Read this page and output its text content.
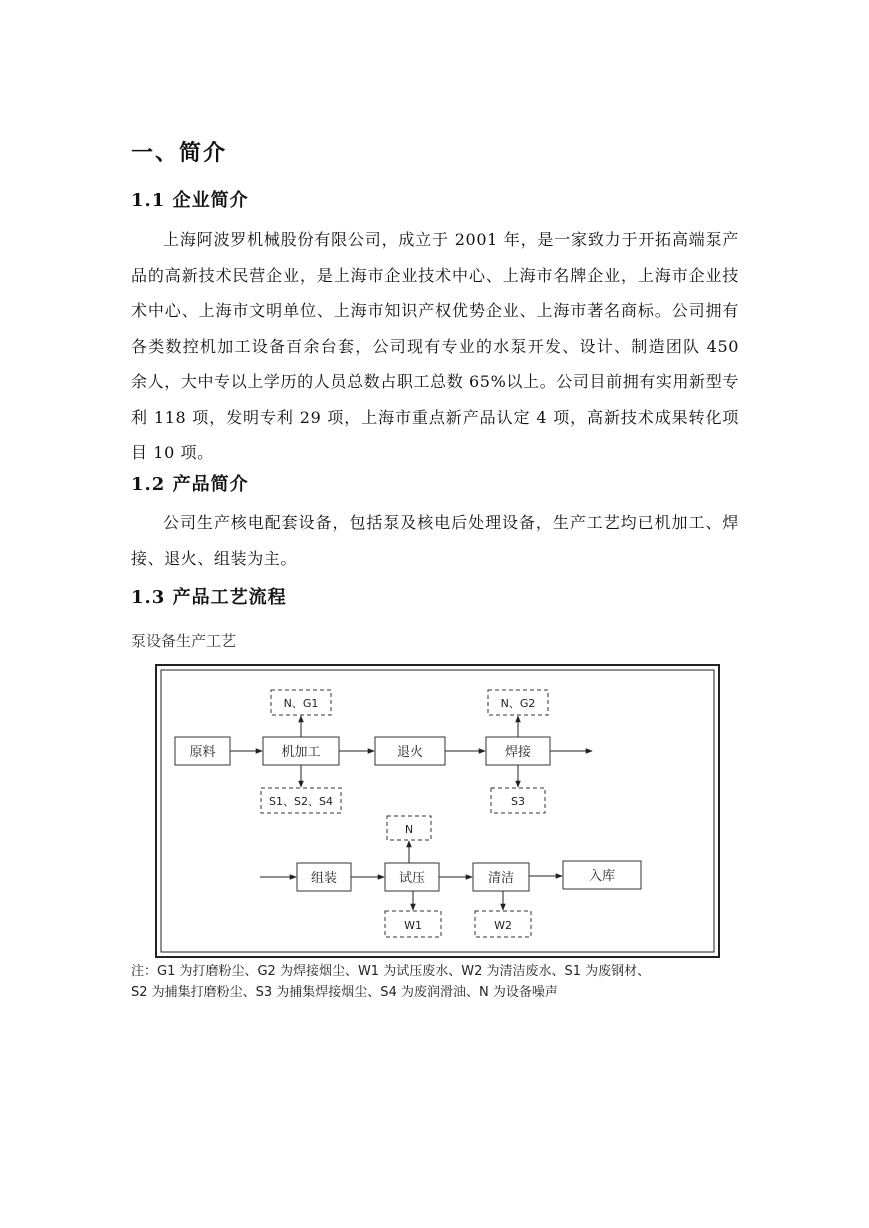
一、简介
1.1 企业简介
上海阿波罗机械股份有限公司，成立于 2001 年，是一家致力于开拓高端泵产品的高新技术民营企业，是上海市企业技术中心、上海市名牌企业，上海市企业技术中心、上海市文明单位、上海市知识产权优势企业、上海市著名商标。公司拥有各类数控机加工设备百余台套，公司现有专业的水泵开发、设计、制造团队 450 余人，大中专以上学历的人员总数占职工总数 65%以上。公司目前拥有实用新型专利 118 项，发明专利 29 项，上海市重点新产品认定 4 项，高新技术成果转化项目 10 项。
1.2 产品简介
公司生产核电配套设备，包括泵及核电后处理设备，生产工艺均已机加工、焊接、退火、组装为主。
1.3 产品工艺流程
泵设备生产工艺
原料	机加工	退火	焊接
N、G1
S1、S2、S4
N、G2
S3
组装	试压	清洁	入库
N
W1	W2
注：G1 为打磨粉尘、G2 为焊接烟尘、W1 为试压废水、W2 为清洁废水、S1 为废钢材、
S2 为捕集打磨粉尘、S3 为捕集焊接烟尘、S4 为废润滑油、N 为设备噪声
